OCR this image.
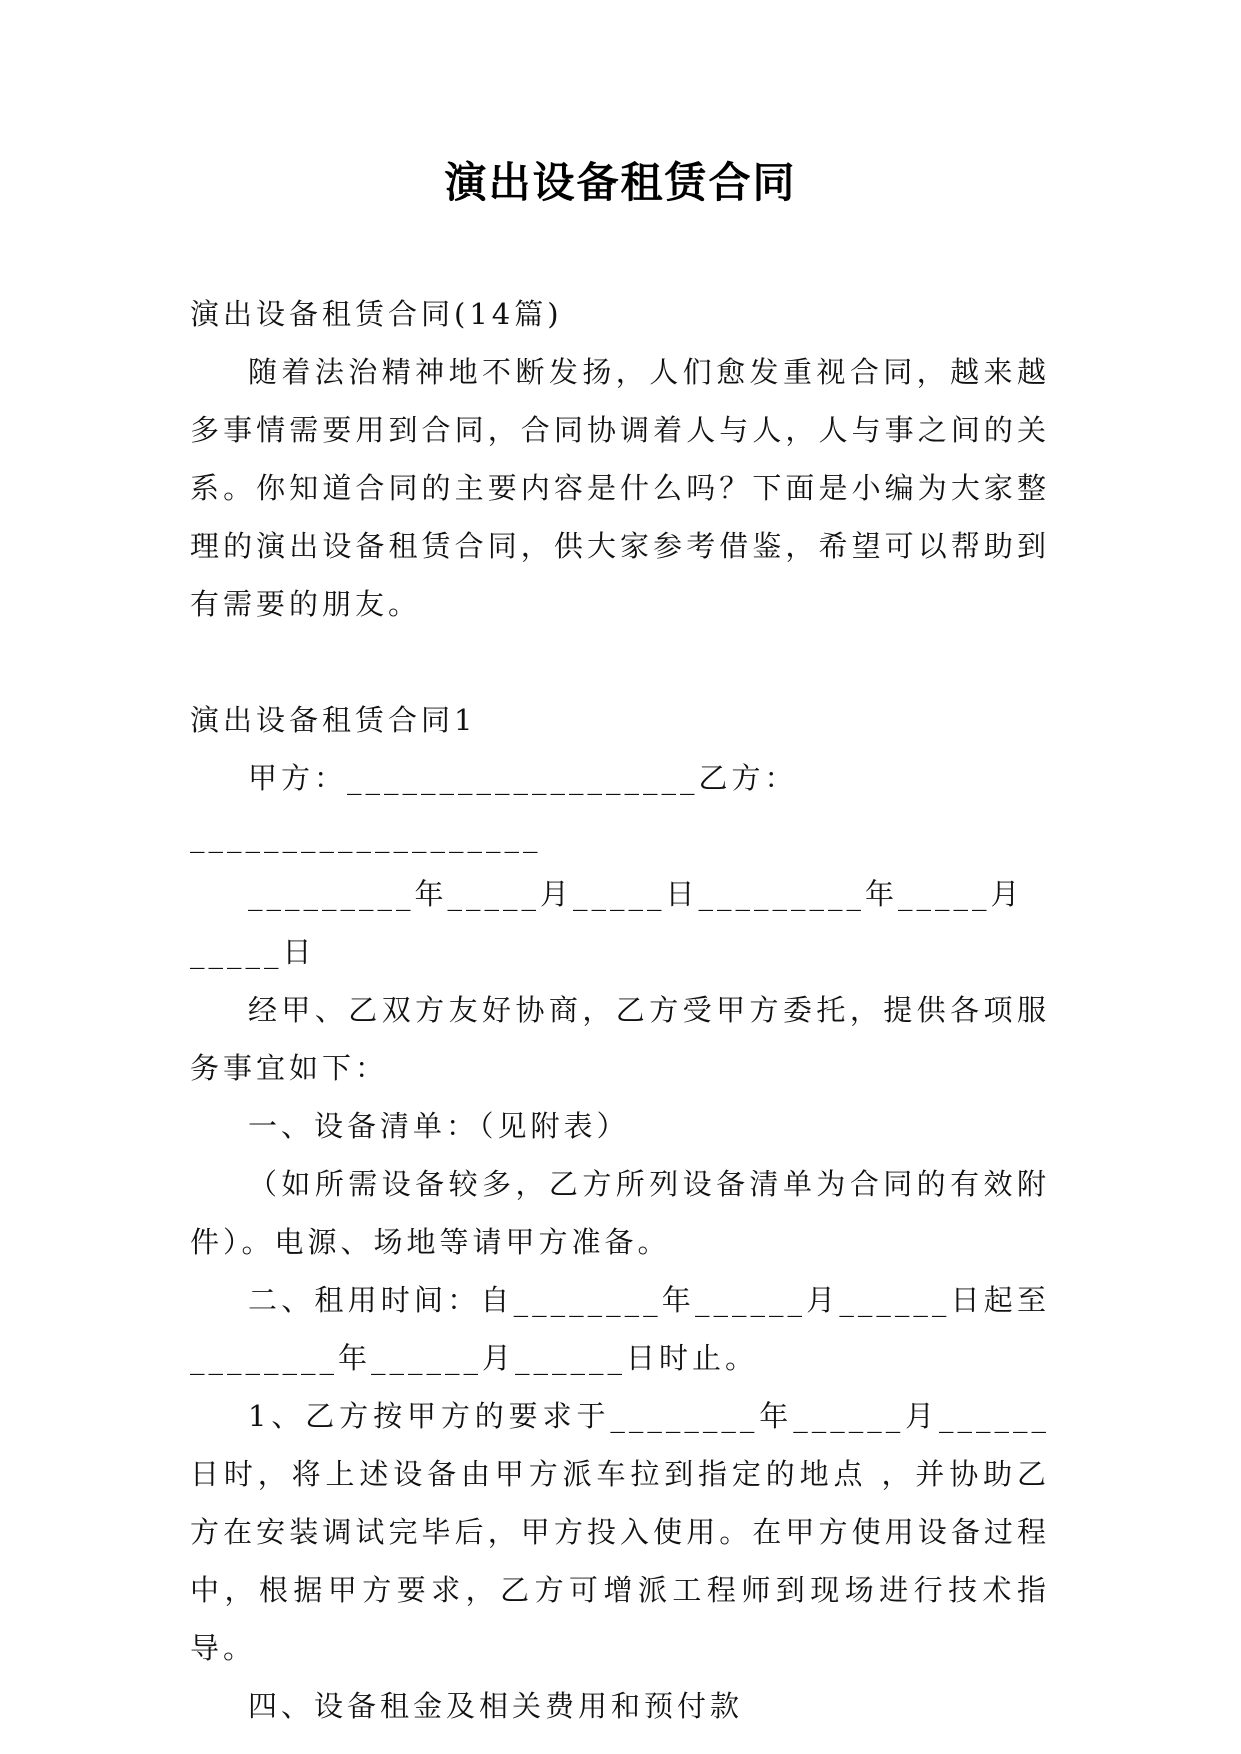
演出设备租赁合同

演出设备租赁合同(14篇)

随着法治精神地不断发扬，人们愈发重视合同，越来越多事情需要用到合同，合同协调着人与人，人与事之间的关系。你知道合同的主要内容是什么吗？下面是小编为大家整理的演出设备租赁合同，供大家参考借鉴，希望可以帮助到有需要的朋友。

演出设备租赁合同1

甲方：___________________乙方：___________________

_________年_____月_____日_________年_____月_____日

经甲、乙双方友好协商，乙方受甲方委托，提供各项服务事宜如下：

一、设备清单：（见附表）

（如所需设备较多，乙方所列设备清单为合同的有效附件）。电源、场地等请甲方准备。

二、租用时间：自________年______月______日起至________年______月______日时止。

1、乙方按甲方的要求于________年______月______日时，将上述设备由甲方派车拉到指定的地点 ，并协助乙方在安装调试完毕后，甲方投入使用。在甲方使用设备过程中，根据甲方要求，乙方可增派工程师到现场进行技术指导。

四、设备租金及相关费用和预付款
